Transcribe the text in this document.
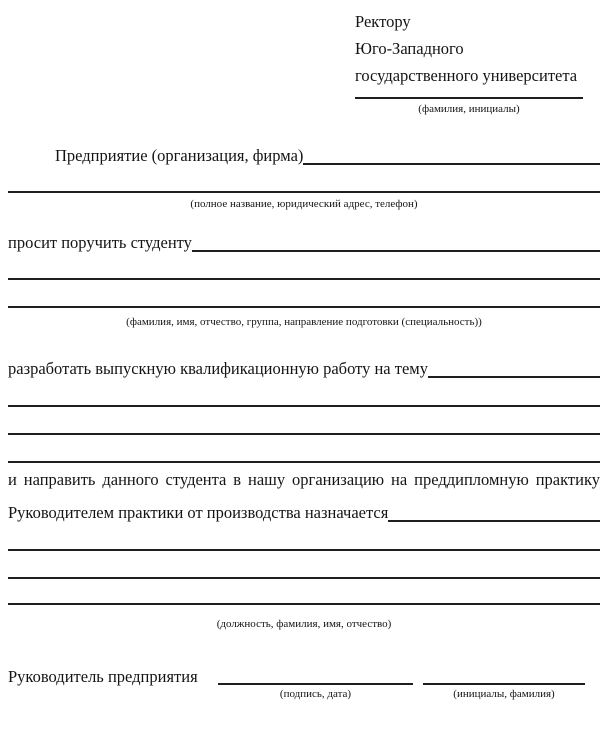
Ректору
Юго-Западного
государственного университета
(фамилия, инициалы)
Предприятие (организация, фирма)
(полное название, юридический адрес, телефон)
просит поручить студенту
(фамилия, имя, отчество, группа, направление подготовки (специальность))
разработать выпускную квалификационную работу на тему
и направить данного студента в нашу организацию на преддипломную практику
Руководителем практики от производства назначается
(должность, фамилия, имя, отчество)
Руководитель предприятия
(подпись, дата)	(инициалы, фамилия)
